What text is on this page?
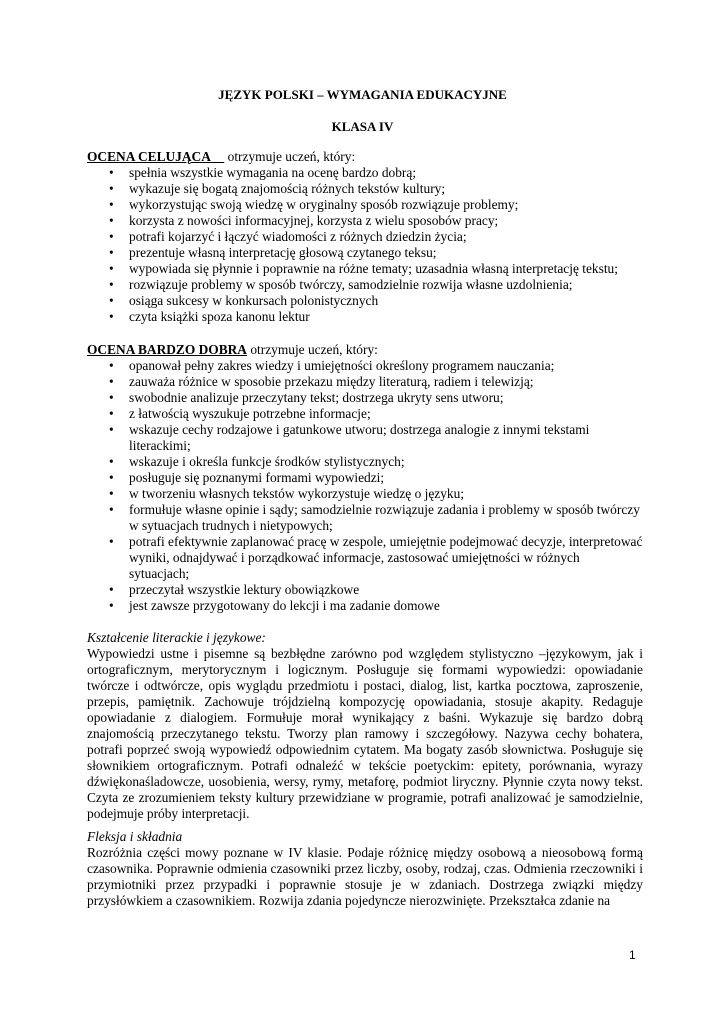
JĘZYK POLSKI – WYMAGANIA EDUKACYJNE
KLASA IV
OCENA CELUJĄCA otrzymuje uczeń, który:
• spełnia wszystkie wymagania na ocenę bardzo dobrą;
• wykazuje się bogatą znajomością różnych tekstów kultury;
• wykorzystując swoją wiedzę w oryginalny sposób rozwiązuje problemy;
• korzysta z nowości informacyjnej, korzysta z wielu sposobów pracy;
• potrafi kojarzyć i łączyć wiadomości z różnych dziedzin życia;
• prezentuje własną interpretację głosową czytanego teksu;
• wypowiada się płynnie i poprawnie na różne tematy; uzasadnia własną interpretację tekstu;
• rozwiązuje problemy w sposób twórczy, samodzielnie rozwija własne uzdolnienia;
• osiąga sukcesy w konkursach polonistycznych
• czyta książki spoza kanonu lektur
OCENA BARDZO DOBRA otrzymuje uczeń, który:
• opanował pełny zakres wiedzy i umiejętności określony programem nauczania;
• zauważa różnice w sposobie przekazu między literaturą, radiem i telewizją;
• swobodnie analizuje przeczytany tekst; dostrzega ukryty sens utworu;
• z łatwością wyszukuje potrzebne informacje;
• wskazuje cechy rodzajowe i gatunkowe utworu; dostrzega analogie z innymi tekstami literackimi;
• wskazuje i określa funkcje środków stylistycznych;
• posługuje się poznanymi formami wypowiedzi;
• w tworzeniu własnych tekstów wykorzystuje wiedzę o języku;
• formułuje własne opinie i sądy; samodzielnie rozwiązuje zadania i problemy w sposób twórczy w sytuacjach trudnych i nietypowych;
• potrafi efektywnie zaplanować pracę w zespole, umiejętnie podejmować decyzje, interpretować wyniki, odnajdywać i porządkować informacje, zastosować umiejętności w różnych sytuacjach;
• przeczytał wszystkie lektury obowiązkowe
• jest zawsze przygotowany do lekcji i ma zadanie domowe
Kształcenie literackie i językowe:
Wypowiedzi ustne i pisemne są bezbłędne zarówno pod względem stylistyczno –językowym, jak i ortograficznym, merytorycznym i logicznym. Posługuje się formami wypowiedzi: opowiadanie twórcze i odtwórcze, opis wyglądu przedmiotu i postaci, dialog, list, kartka pocztowa, zaproszenie, przepis, pamiętnik. Zachowuje trójdzielną kompozycję opowiadania, stosuje akapity. Redaguje opowiadanie z dialogiem. Formułuje morał wynikający z baśni. Wykazuje się bardzo dobrą znajomością przeczytanego tekstu. Tworzy plan ramowy i szczegółowy. Nazywa cechy bohatera, potrafi poprzeć swoją wypowiedź odpowiednim cytatem. Ma bogaty zasób słownictwa. Posługuje się słownikiem ortograficznym. Potrafi odnaleźć w tekście poetyckim: epitety, porównania, wyrazy dźwiękonaśladowcze, uosobienia, wersy, rymy, metaforę, podmiot liryczny. Płynnie czyta nowy tekst. Czyta ze zrozumieniem teksty kultury przewidziane w programie, potrafi analizować je samodzielnie, podejmuje próby interpretacji.
Fleksja i składnia
Rozróżnia części mowy poznane w IV klasie. Podaje różnicę między osobową a nieosobową formą czasownika. Poprawnie odmienia czasowniki przez liczby, osoby, rodzaj, czas. Odmienia rzeczowniki i przymiotniki przez przypadki i poprawnie stosuje je w zdaniach. Dostrzega związki między przysłówkiem a czasownikiem. Rozwija zdania pojedyncze nierozwinięte. Przekształca zdanie na
1
